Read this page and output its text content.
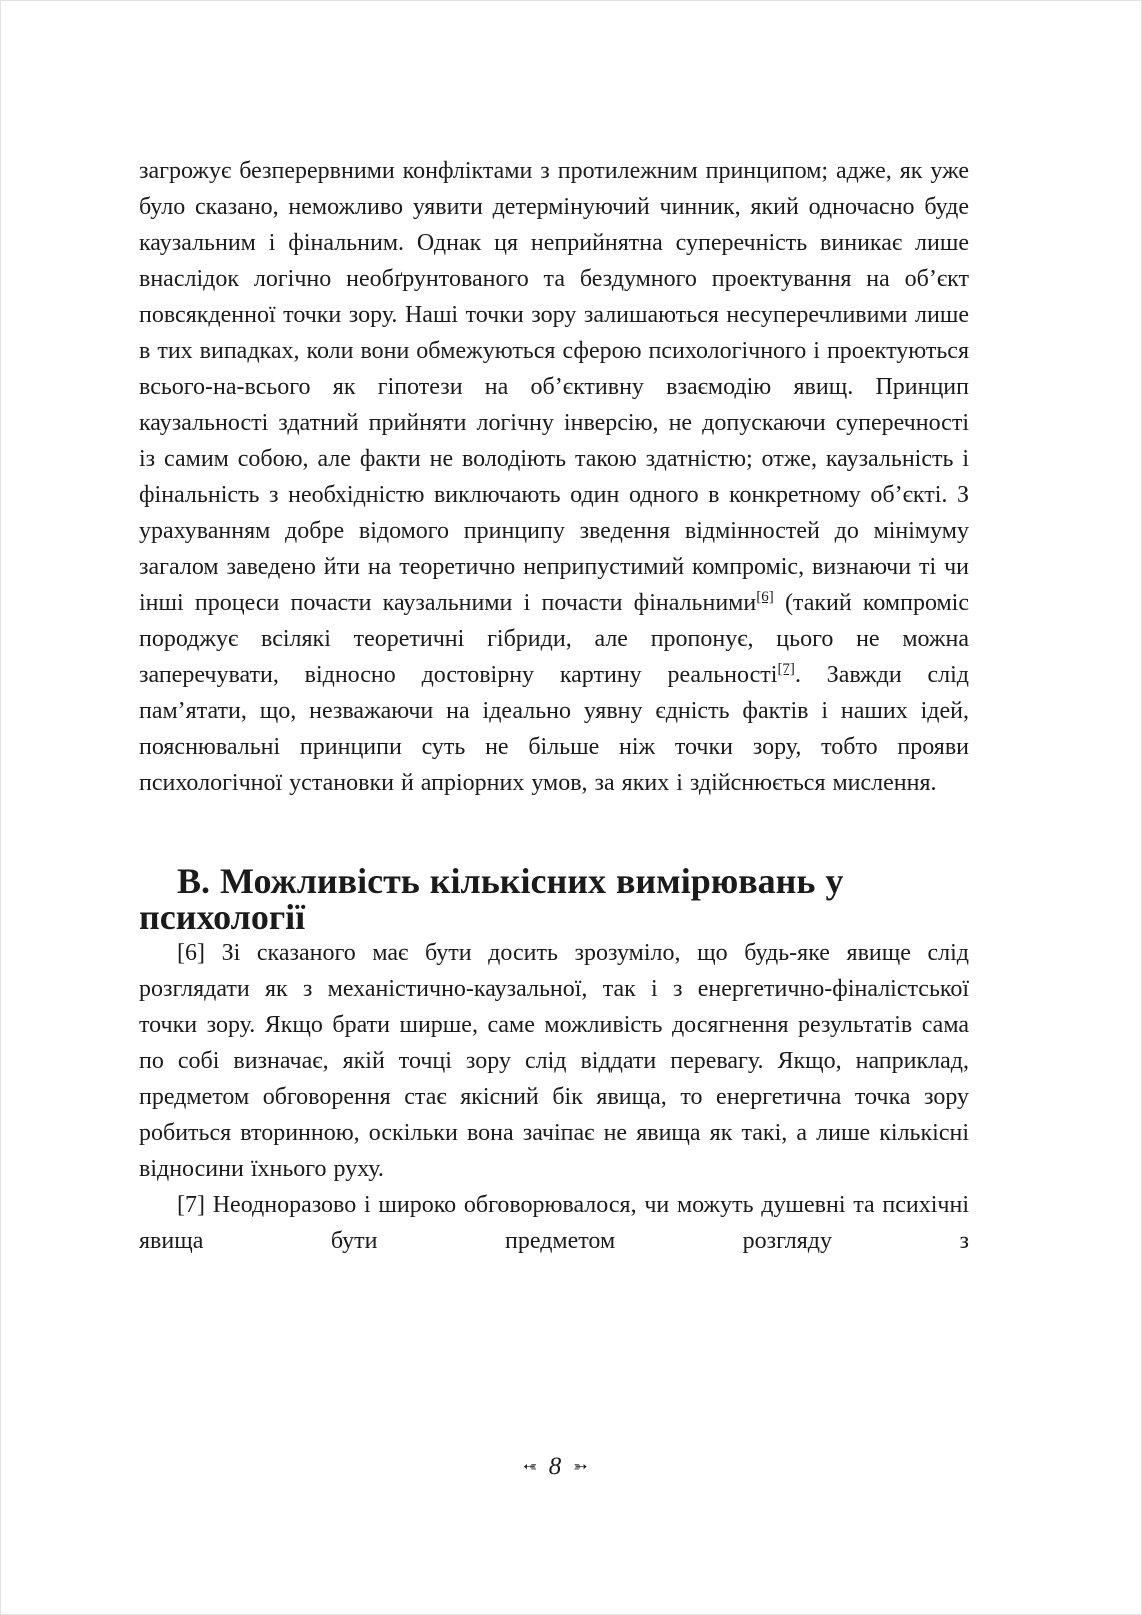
загрожує безперервними конфліктами з протилежним принципом; адже, як уже було сказано, неможливо уявити детермінуючий чинник, який одночасно буде каузальним і фінальним. Однак ця неприйнятна суперечність виникає лише внаслідок логічно необґрунтованого та бездумного проектування на об’єкт повсякденної точки зору. Наші точки зору залишаються несуперечливими лише в тих випадках, коли вони обмежуються сферою психологічного і проектуються всього-на-всього як гіпотези на об’єктивну взаємодію явищ. Принцип каузальності здатний прийняти логічну інверсію, не допускаючи суперечності із самим собою, але факти не володіють такою здатністю; отже, каузальність і фінальність з необхідністю виключають один одного в конкретному об’єкті. З урахуванням добре відомого принципу зведення відмінностей до мінімуму загалом заведено йти на теоретично неприпустимий компроміс, визнаючи ті чи інші процеси почасти каузальними і почасти фінальними[6] (такий компроміс породжує всілякі теоретичні гібриди, але пропонує, цього не можна заперечувати, відносно достовірну картину реальності[7]. Завжди слід пам’ятати, що, незважаючи на ідеально уявну єдність фактів і наших ідей, пояснювальні принципи суть не більше ніж точки зору, тобто прояви психологічної установки й апріорних умов, за яких і здійснюється мислення.

В. Можливість кількісних вимірювань у психології

[6] Зі сказаного має бути досить зрозуміло, що будь-яке явище слід розглядати як з механістично-каузальної, так і з енергетично-фіналістської точки зору. Якщо брати ширше, саме можливість досягнення результатів сама по собі визначає, якій точці зору слід віддати перевагу. Якщо, наприклад, предметом обговорення стає якісний бік явища, то енергетична точка зору робиться вторинною, оскільки вона зачіпає не явища як такі, а лише кількісні відносини їхнього руху.

[7] Неодноразово і широко обговорювалося, чи можуть душевні та психічні явища бути предметом розгляду з

➳ 8 ➳
